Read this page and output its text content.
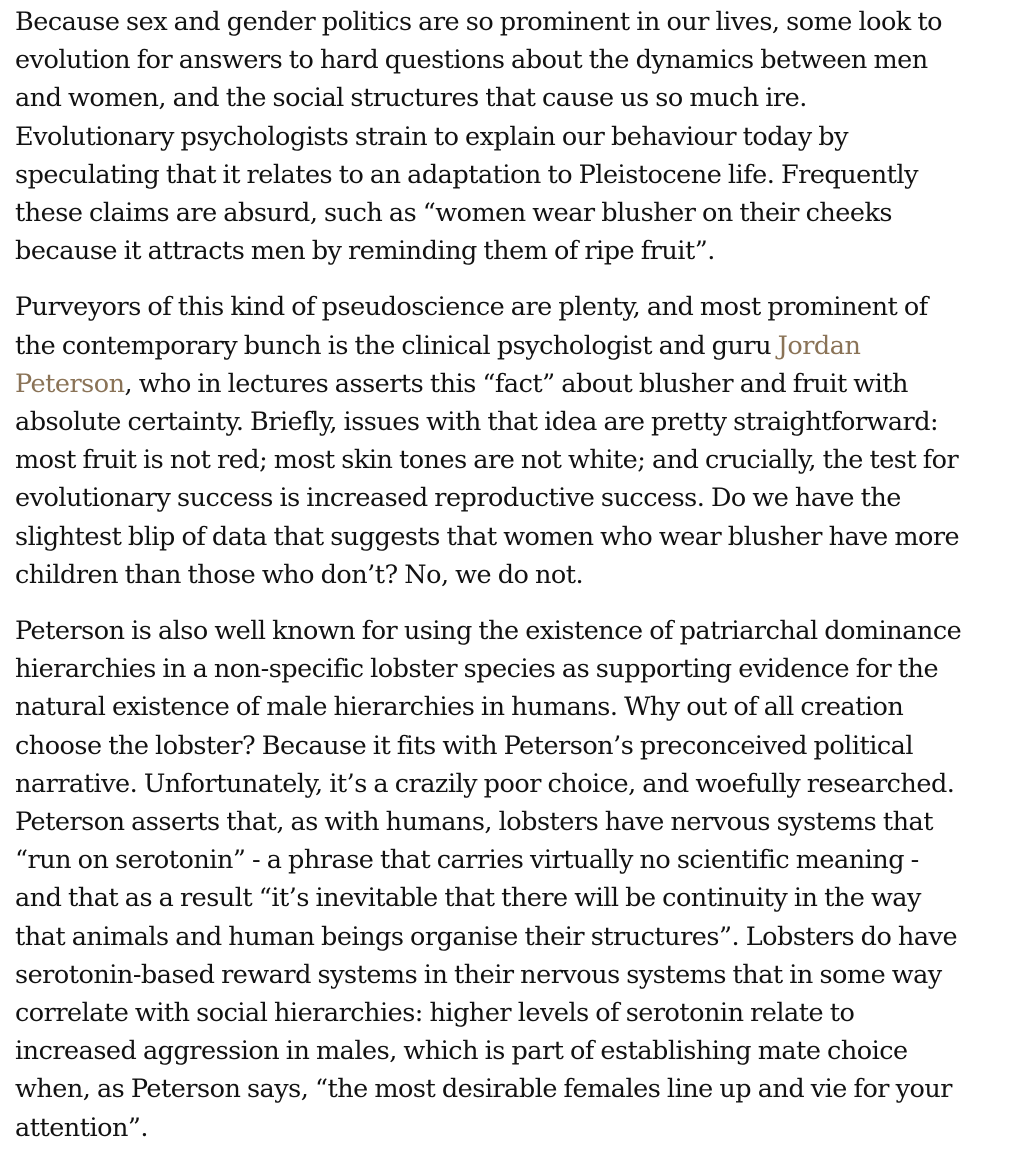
Because sex and gender politics are so prominent in our lives, some look to
evolution for answers to hard questions about the dynamics between men
and women, and the social structures that cause us so much ire.
Evolutionary psychologists strain to explain our behaviour today by
speculating that it relates to an adaptation to Pleistocene life. Frequently
these claims are absurd, such as “women wear blusher on their cheeks
because it attracts men by reminding them of ripe fruit”.

Purveyors of this kind of pseudoscience are plenty, and most prominent of
the contemporary bunch is the clinical psychologist and guru Jordan
Peterson, who in lectures asserts this “fact” about blusher and fruit with
absolute certainty. Briefly, issues with that idea are pretty straightforward:
most fruit is not red; most skin tones are not white; and crucially, the test for
evolutionary success is increased reproductive success. Do we have the
slightest blip of data that suggests that women who wear blusher have more
children than those who don’t? No, we do not.

Peterson is also well known for using the existence of patriarchal dominance
hierarchies in a non-specific lobster species as supporting evidence for the
natural existence of male hierarchies in humans. Why out of all creation
choose the lobster? Because it fits with Peterson’s preconceived political
narrative. Unfortunately, it’s a crazily poor choice, and woefully researched.
Peterson asserts that, as with humans, lobsters have nervous systems that
“run on serotonin” - a phrase that carries virtually no scientific meaning -
and that as a result “it’s inevitable that there will be continuity in the way
that animals and human beings organise their structures”. Lobsters do have
serotonin-based reward systems in their nervous systems that in some way
correlate with social hierarchies: higher levels of serotonin relate to
increased aggression in males, which is part of establishing mate choice
when, as Peterson says, “the most desirable females line up and vie for your
attention”.
